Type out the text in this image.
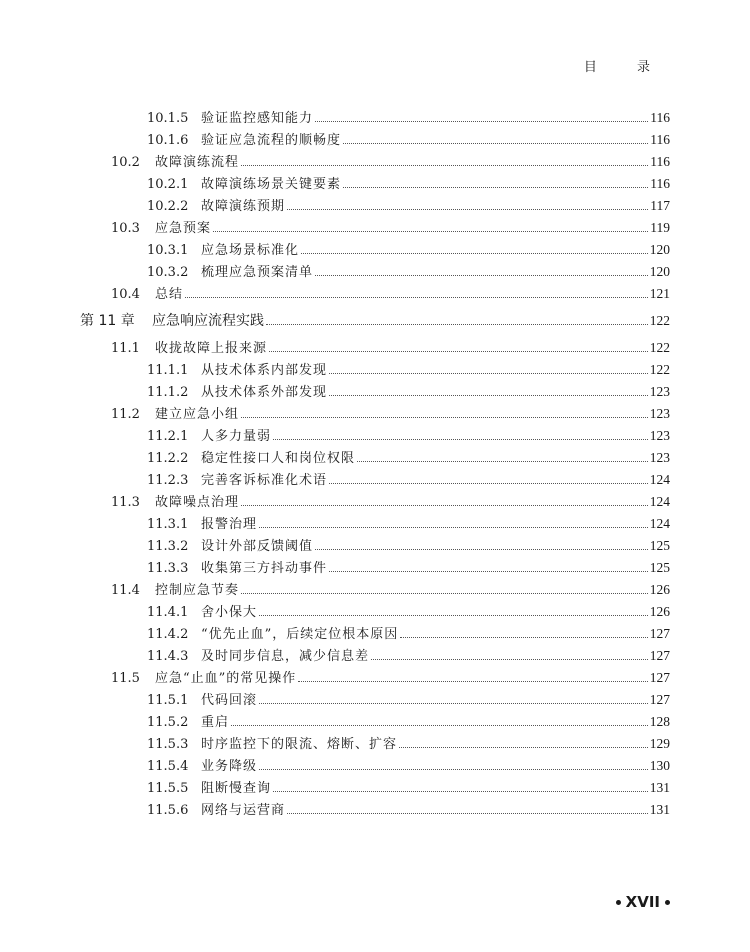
目 录
10.1.5 验证监控感知能力	116
10.1.6 验证应急流程的顺畅度	116
10.2	故障演练流程	116
10.2.1 故障演练场景关键要素	116
10.2.2 故障演练预期	117
10.3	应急预案	119
10.3.1 应急场景标准化	120
10.3.2 梳理应急预案清单	120
10.4	总结	121
第 11 章	应急响应流程实践	122
11.1	收拢故障上报来源	122
11.1.1 从技术体系内部发现	122
11.1.2 从技术体系外部发现	123
11.2	建立应急小组	123
11.2.1 人多力量弱	123
11.2.2 稳定性接口人和岗位权限	123
11.2.3 完善客诉标准化术语	124
11.3	故障噪点治理	124
11.3.1 报警治理	124
11.3.2 设计外部反馈阈值	125
11.3.3 收集第三方抖动事件	125
11.4	控制应急节奏	126
11.4.1 舍小保大	126
11.4.2 “优先止血”，后续定位根本原因	127
11.4.3 及时同步信息，减少信息差	127
11.5	应急“止血”的常见操作	127
11.5.1 代码回滚	127
11.5.2 重启	128
11.5.3 时序监控下的限流、熔断、扩容	129
11.5.4 业务降级	130
11.5.5 阻断慢查询	131
11.5.6 网络与运营商	131
XVII
